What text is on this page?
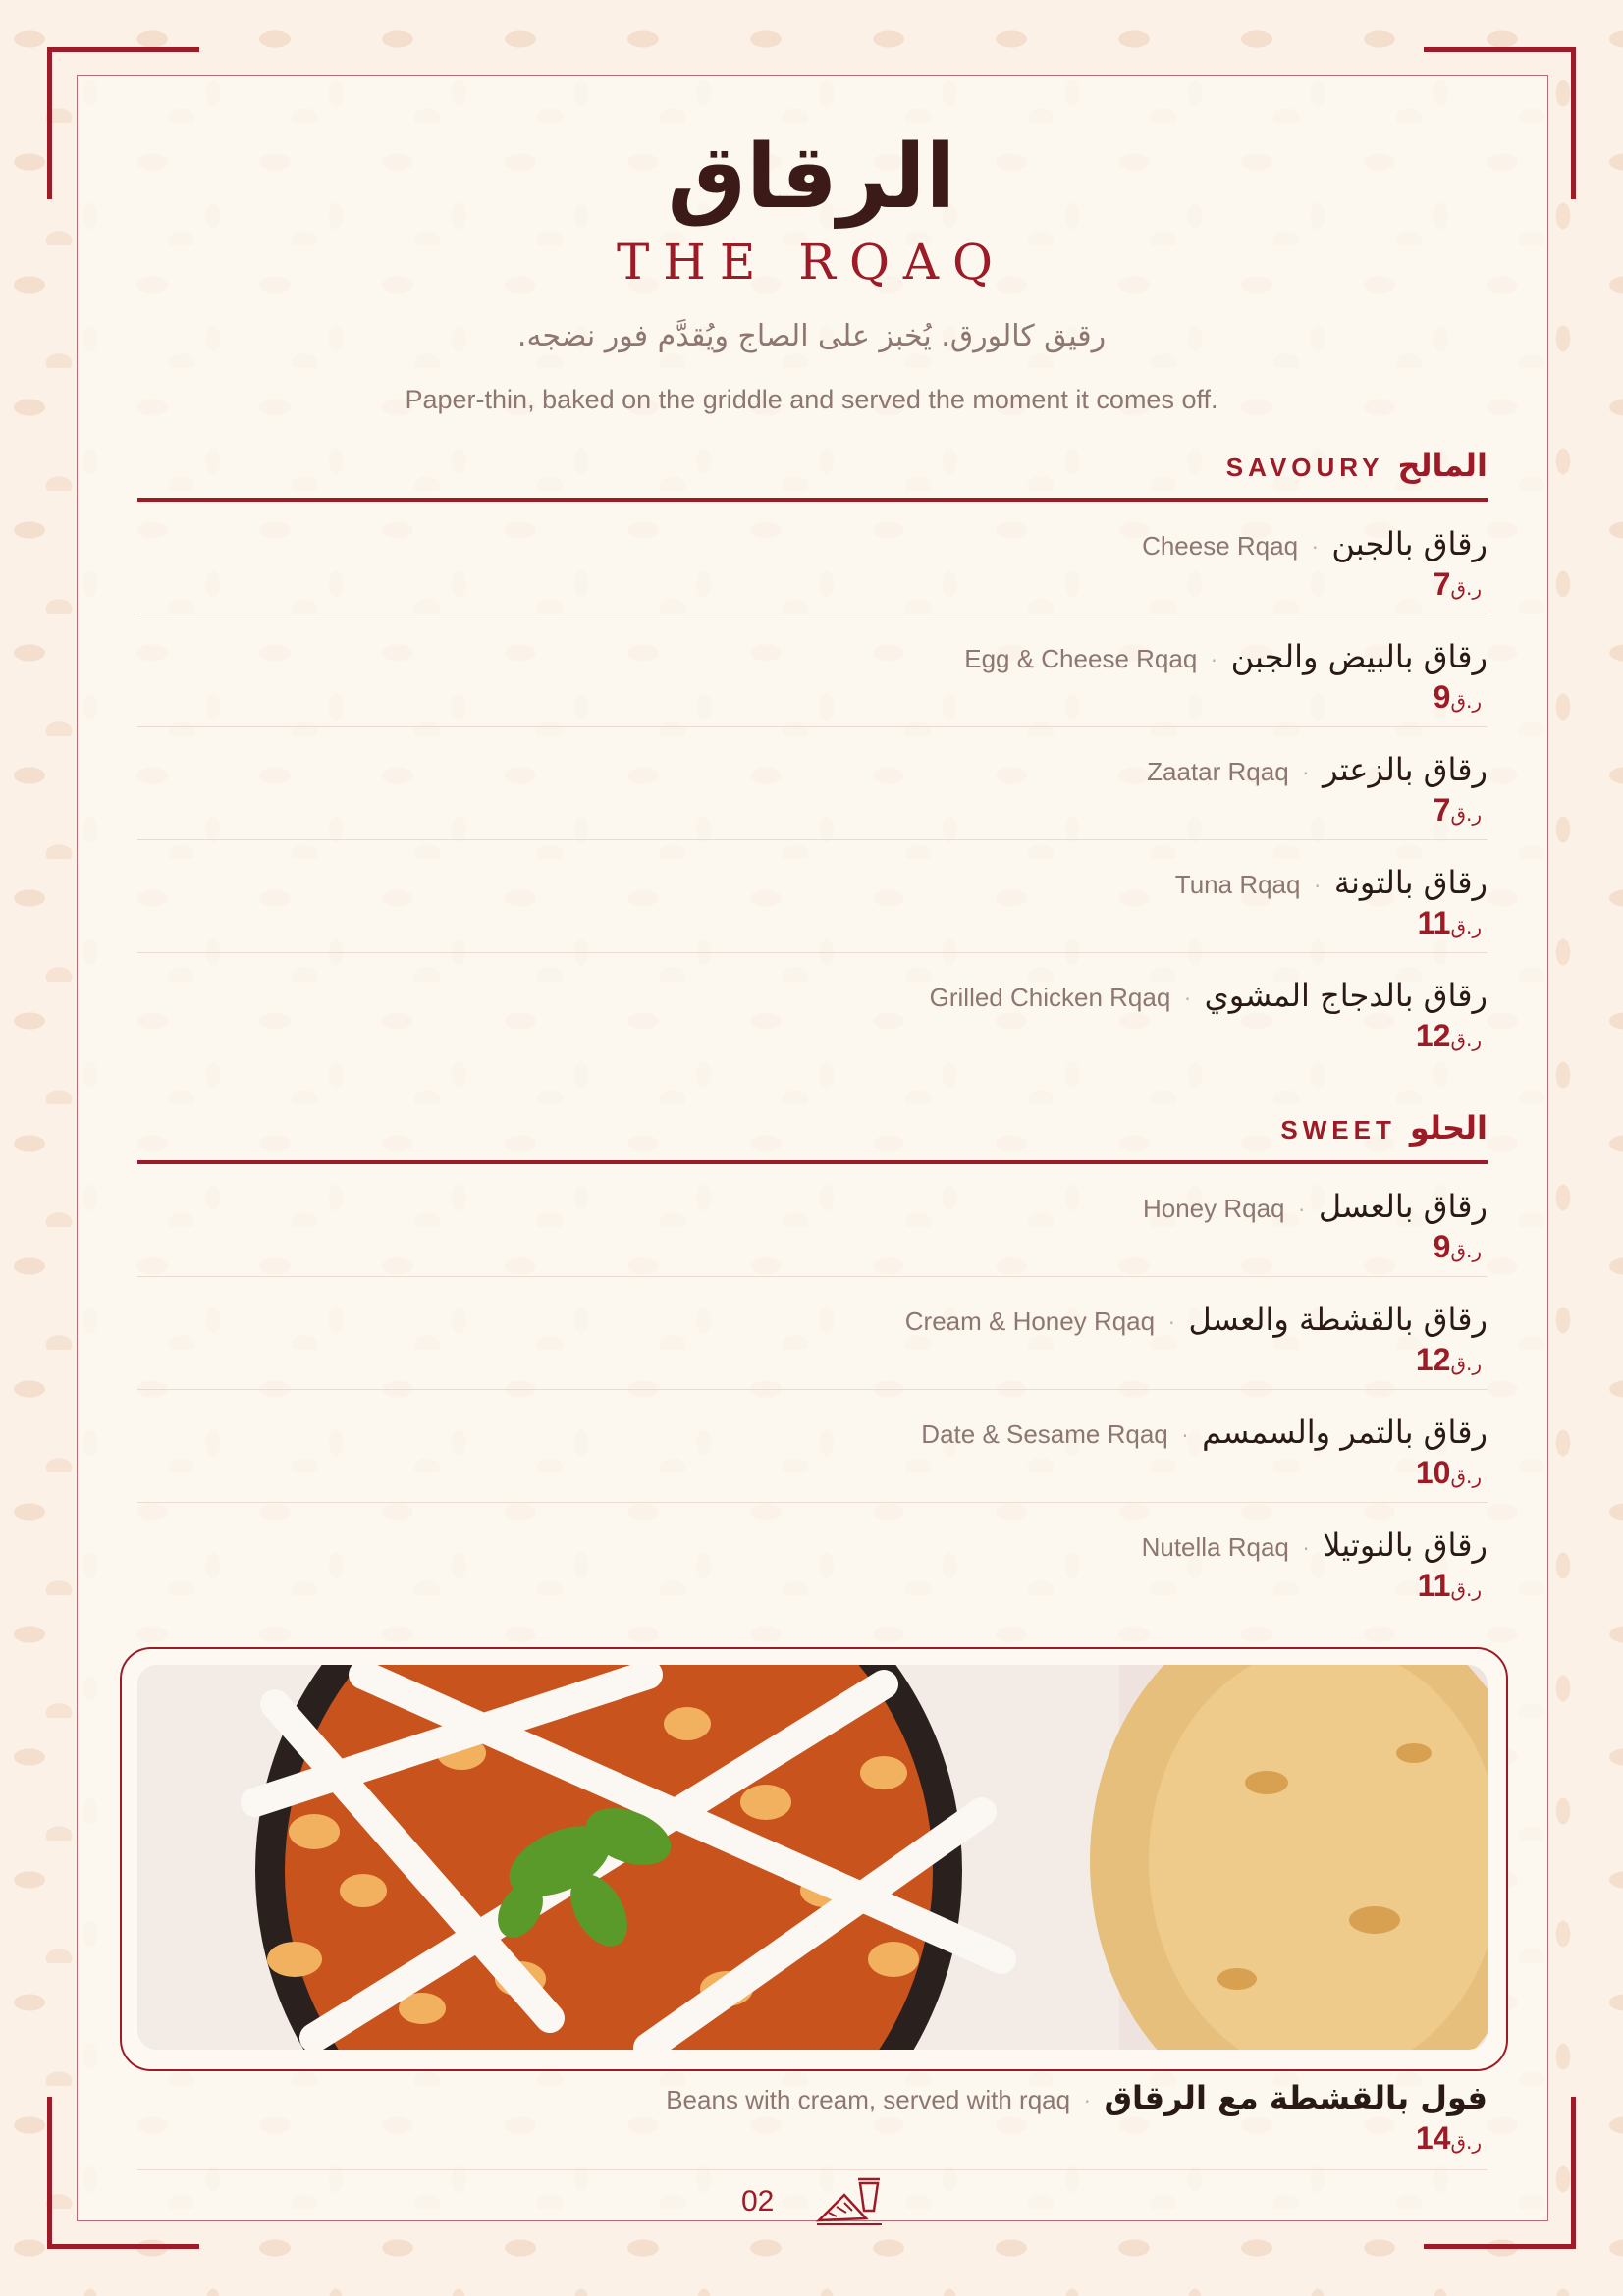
الرقاق
THE RQAQ
رقيق كالورق. يُخبز على الصاج ويُقدَّم فور نضجه.
Paper-thin, baked on the griddle and served the moment it comes off.
SAVOURY المالح
Cheese Rqaq · رقاق بالجبن
ر.ق7
Egg & Cheese Rqaq · رقاق بالبيض والجبن
ر.ق9
Zaatar Rqaq · رقاق بالزعتر
ر.ق7
Tuna Rqaq · رقاق بالتونة
ر.ق11
Grilled Chicken Rqaq · رقاق بالدجاج المشوي
ر.ق12
SWEET الحلو
Honey Rqaq · رقاق بالعسل
ر.ق9
Cream & Honey Rqaq · رقاق بالقشطة والعسل
ر.ق12
Date & Sesame Rqaq · رقاق بالتمر والسمسم
ر.ق10
Nutella Rqaq · رقاق بالنوتيلا
ر.ق11
Beans with cream, served with rqaq · فول بالقشطة مع الرقاق
ر.ق14
02
